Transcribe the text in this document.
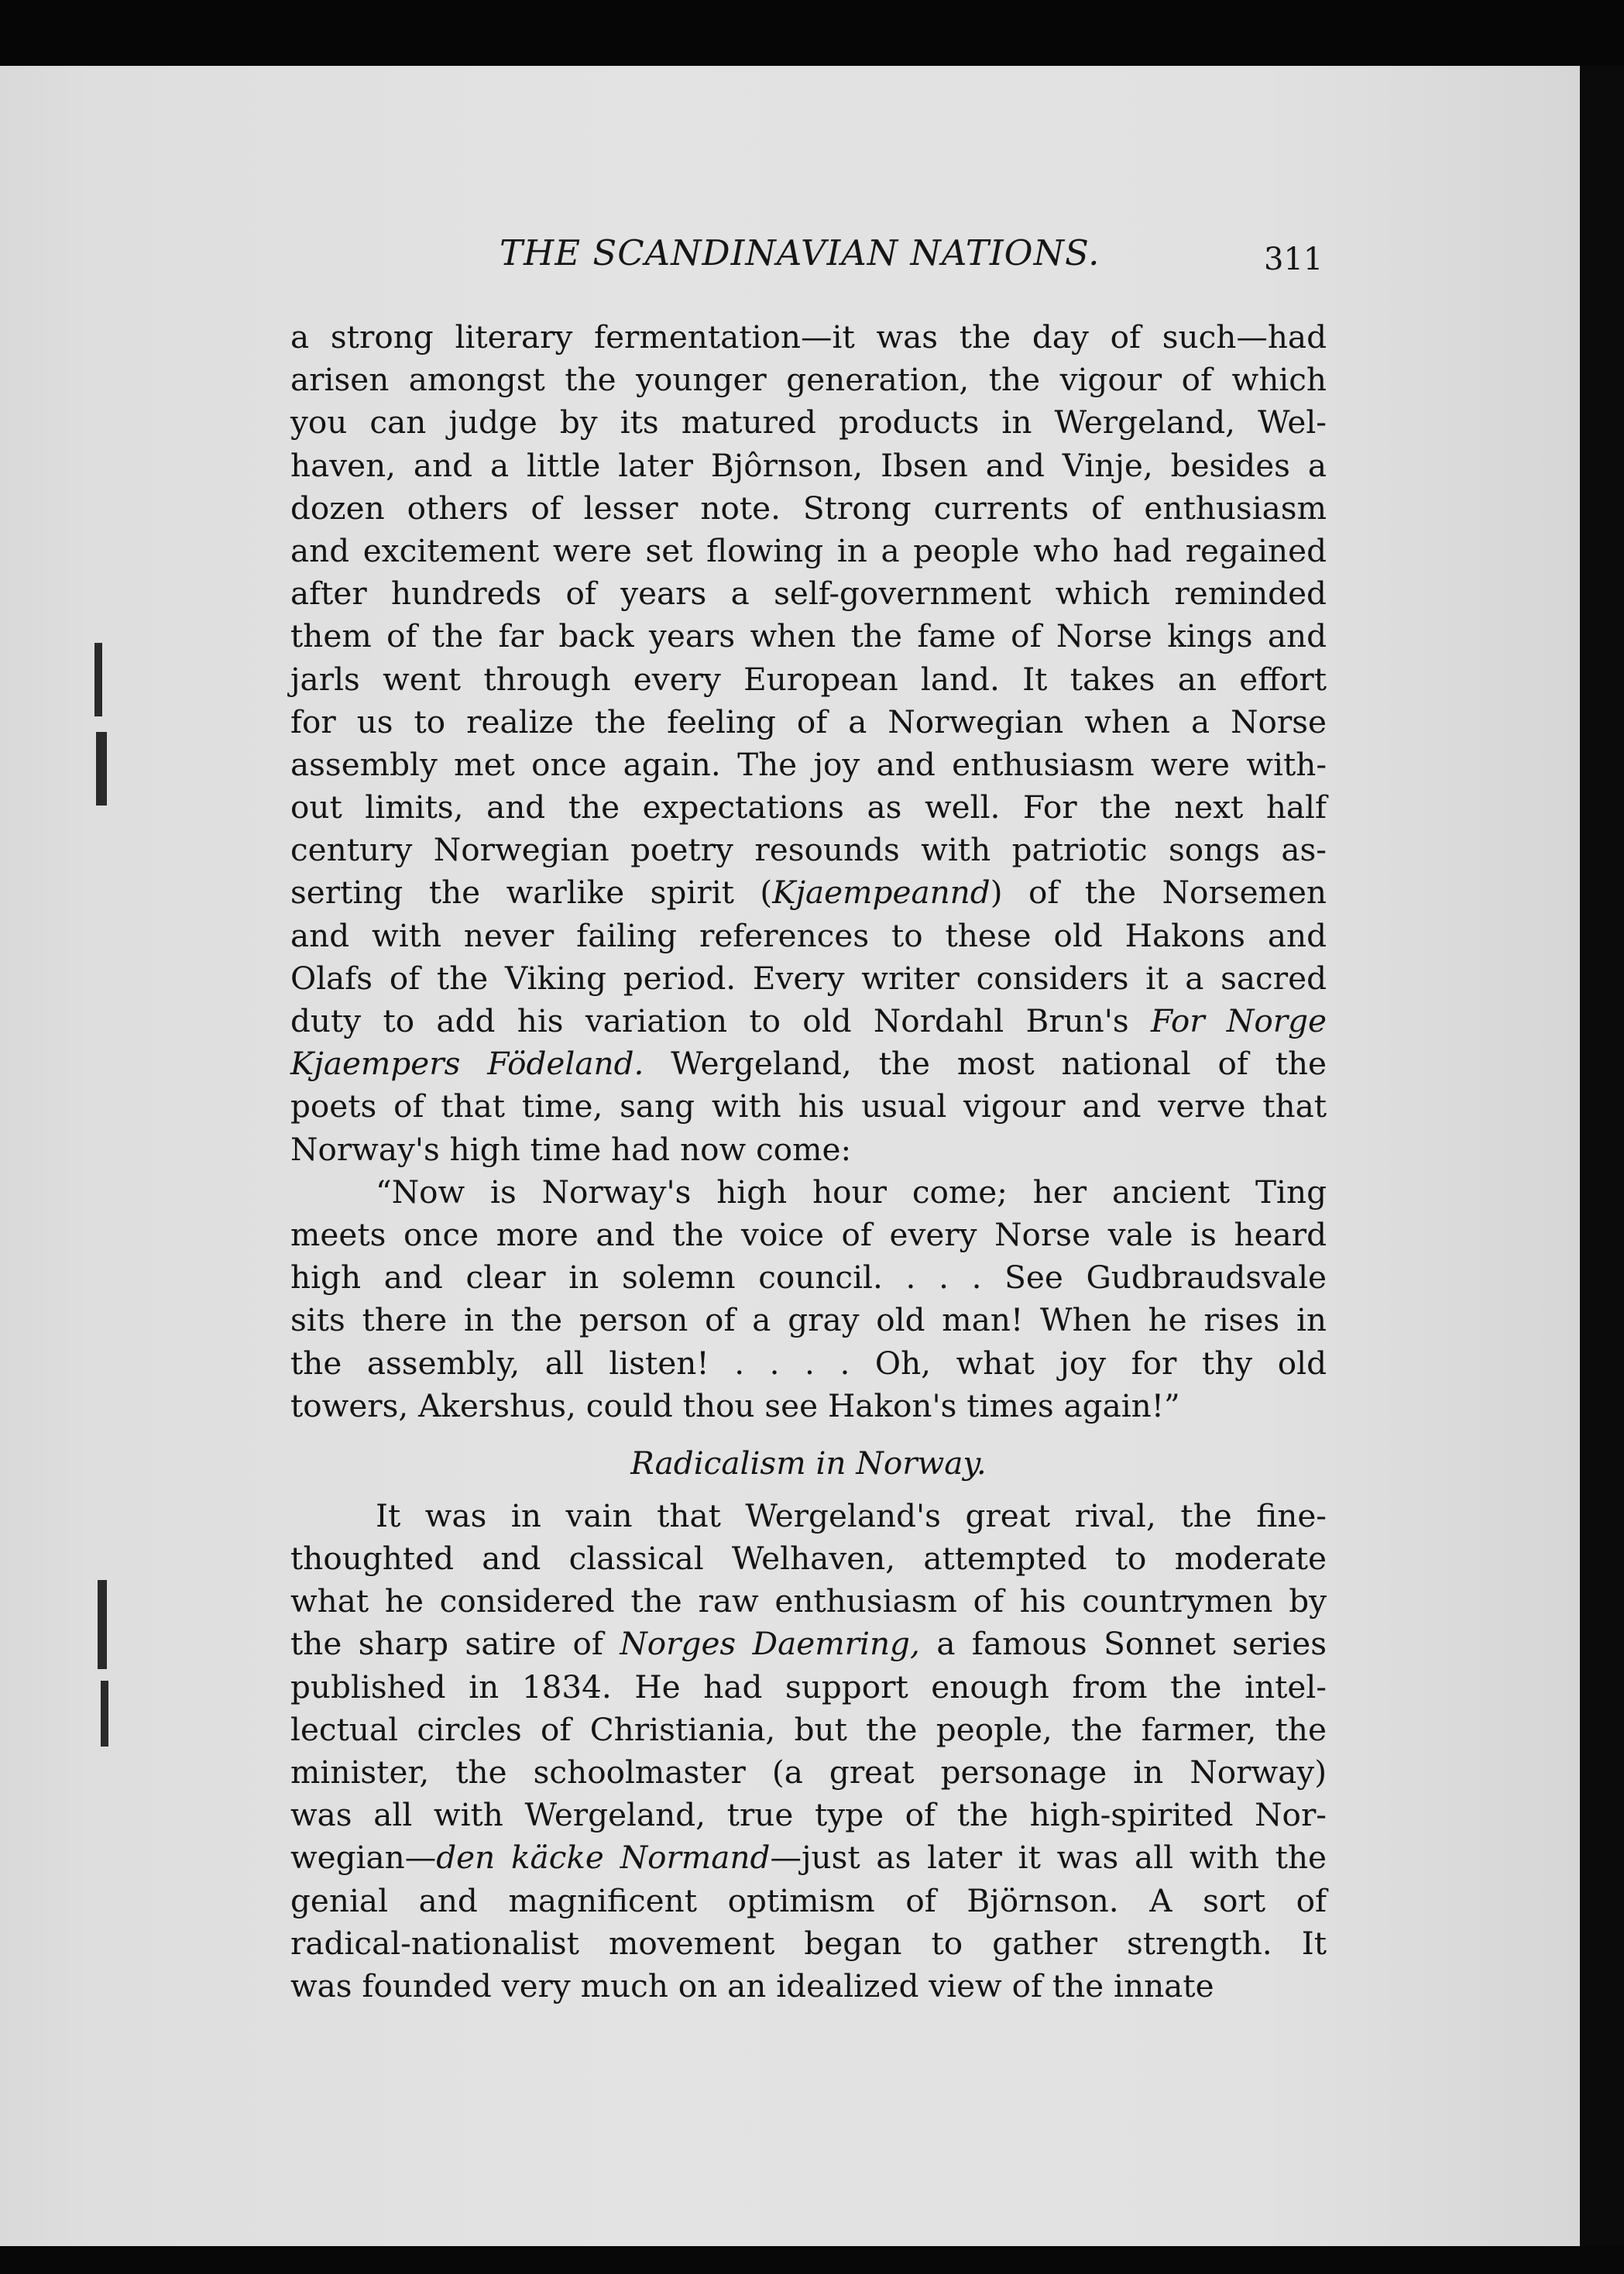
THE SCANDINAVIAN NATIONS.	311
a strong literary fermentation—it was the day of such—had
arisen amongst the younger generation, the vigour of which
you can judge by its matured products in Wergeland, Wel-
haven, and a little later Bjôrnson, Ibsen and Vinje, besides a
dozen others of lesser note. Strong currents of enthusiasm
and excitement were set flowing in a people who had regained
after hundreds of years a self-government which reminded
them of the far back years when the fame of Norse kings and
jarls went through every European land. It takes an effort
for us to realize the feeling of a Norwegian when a Norse
assembly met once again. The joy and enthusiasm were with-
out limits, and the expectations as well. For the next half
century Norwegian poetry resounds with patriotic songs as-
serting the warlike spirit (Kjaempeannd) of the Norsemen
and with never failing references to these old Hakons and
Olafs of the Viking period. Every writer considers it a sacred
duty to add his variation to old Nordahl Brun's For Norge
Kjaempers Födeland. Wergeland, the most national of the
poets of that time, sang with his usual vigour and verve that
Norway's high time had now come:
“Now is Norway's high hour come; her ancient Ting
meets once more and the voice of every Norse vale is heard
high and clear in solemn council. . . . See Gudbraudsvale
sits there in the person of a gray old man! When he rises in
the assembly, all listen! . . . . Oh, what joy for thy old
towers, Akershus, could thou see Hakon's times again!”
Radicalism in Norway.
It was in vain that Wergeland's great rival, the fine-
thoughted and classical Welhaven, attempted to moderate
what he considered the raw enthusiasm of his countrymen by
the sharp satire of Norges Daemring, a famous Sonnet series
published in 1834. He had support enough from the intel-
lectual circles of Christiania, but the people, the farmer, the
minister, the schoolmaster (a great personage in Norway)
was all with Wergeland, true type of the high-spirited Nor-
wegian—den käcke Normand—just as later it was all with the
genial and magnificent optimism of Björnson. A sort of
radical-nationalist movement began to gather strength. It
was founded very much on an idealized view of the innate
